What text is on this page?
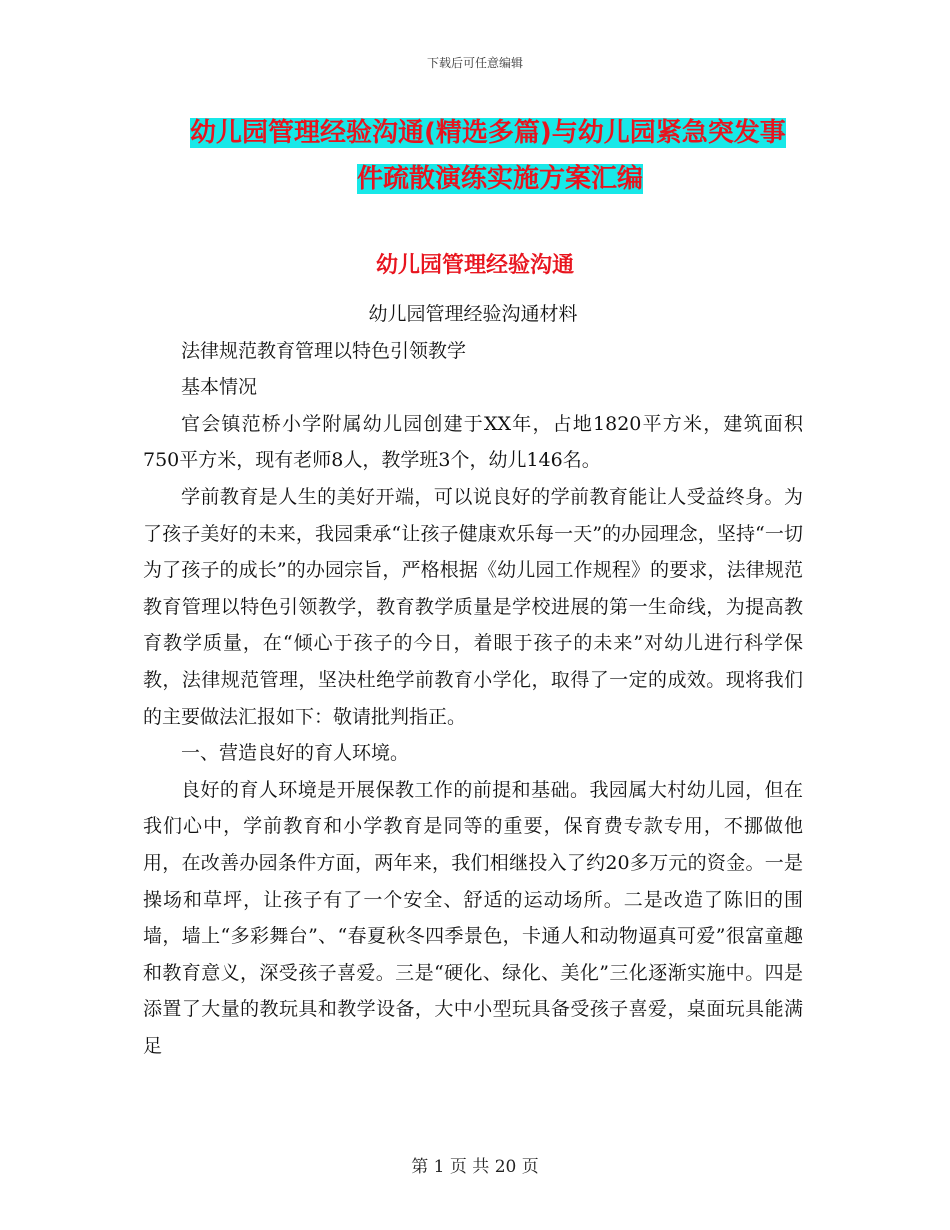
下载后可任意编辑
幼儿园管理经验沟通(精选多篇)与幼儿园紧急突发事
件疏散演练实施方案汇编
幼儿园管理经验沟通

幼儿园管理经验沟通材料

法律规范教育管理以特色引领教学

基本情况

官会镇范桥小学附属幼儿园创建于XX年，占地1820平方米，建筑面积750平方米，现有老师8人，教学班3个，幼儿146名。

学前教育是人生的美好开端，可以说良好的学前教育能让人受益终身。为了孩子美好的未来，我园秉承“让孩子健康欢乐每一天”的办园理念，坚持“一切为了孩子的成长”的办园宗旨，严格根据《幼儿园工作规程》的要求，法律规范教育管理以特色引领教学，教育教学质量是学校进展的第一生命线，为提高教育教学质量，在“倾心于孩子的今日，着眼于孩子的未来”对幼儿进行科学保教，法律规范管理，坚决杜绝学前教育小学化，取得了一定的成效。现将我们的主要做法汇报如下：敬请批判指正。

一、营造良好的育人环境。

良好的育人环境是开展保教工作的前提和基础。我园属大村幼儿园，但在我们心中，学前教育和小学教育是同等的重要，保育费专款专用，不挪做他用，在改善办园条件方面，两年来，我们相继投入了约20多万元的资金。一是操场和草坪，让孩子有了一个安全、舒适的运动场所。二是改造了陈旧的围墙，墙上“多彩舞台”、“春夏秋冬四季景色，卡通人和动物逼真可爱”很富童趣和教育意义，深受孩子喜爱。三是“硬化、绿化、美化”三化逐渐实施中。四是添置了大量的教玩具和教学设备，大中小型玩具备受孩子喜爱，桌面玩具能满足

第 1 页 共 20 页
